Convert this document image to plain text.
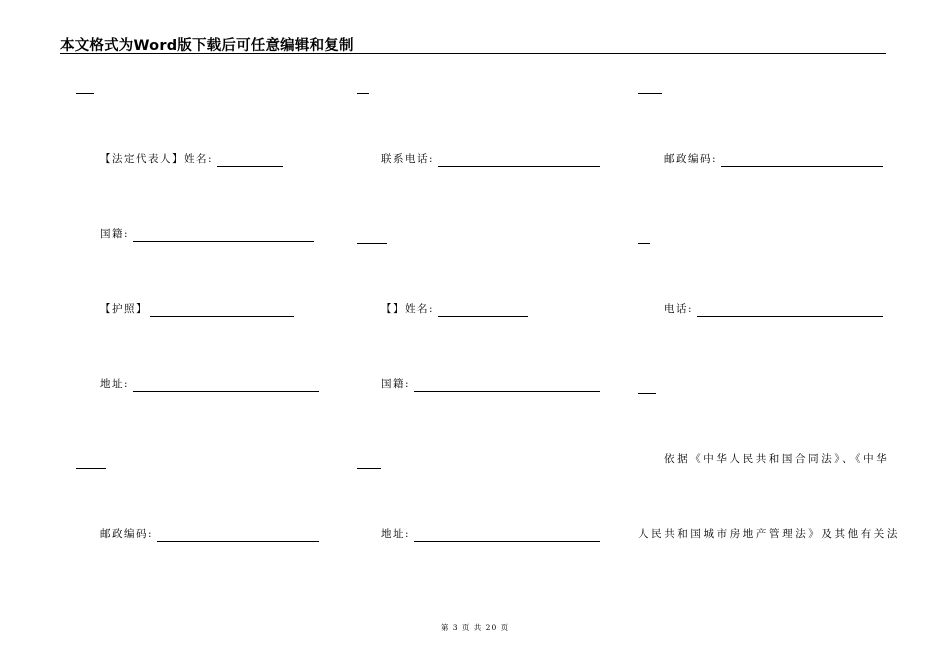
本文格式为Word版下载后可任意编辑和复制
【法定代表人】姓名:
国籍:
【护照】
地址:
邮政编码:
联系电话:
【】姓名:
国籍:
地址:
邮政编码:
电话:
依据《中华人民共和国合同法》、《中华
人民共和国城市房地产管理法》及其他有关法
第 3 页 共 20 页
